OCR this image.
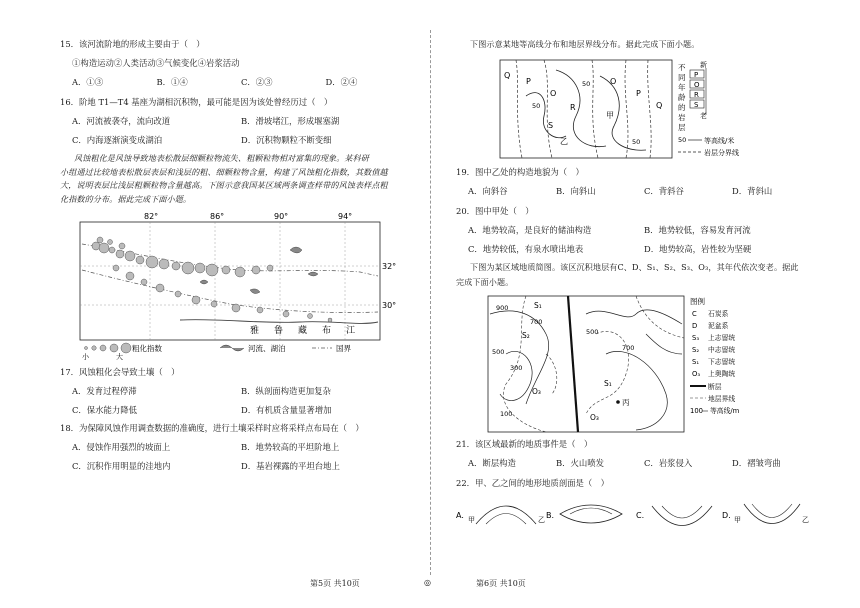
15．该河流阶地的形成主要由于（　）
①构造运动②人类活动③气候变化④岩浆活动
A．①③	B．①④	C．②③	D．②④
16．阶地 T1—T4 基座为湖相沉积物，最可能是因为该处曾经历过（　）
A．河流被袭夺，流向改道	B．滑坡堵江，形成堰塞湖
C．内海逐渐演变成湖泊	D．沉积物颗粒不断变细
风蚀粗化是风蚀导致地表松散层细颗粒物流失、粗颗粒物相对富集的现象。某科研
小组通过比较地表松散层表层和浅层的粗、细颗粒物含量，构建了风蚀粗化指数，其数值越
大，说明表层比浅层粗颗粒物含量越高。下图示意我国某区域两条调查样带的风蚀表样点粗
化指数的分布。据此完成下面小题。
82°	86°	90°	94°
32°
30°
雅 鲁 藏 布 江
粗化指数
小	大
河流、湖泊	国界
17．风蚀粗化会导致土壤（　）
A．发育过程停滞	B．纵剖面构造更加复杂
C．保水能力降低	D．有机质含量显著增加
18．为保障风蚀作用调查数据的准确度，进行土壤采样时应将采样点布局在（　）
A．侵蚀作用强烈的坡面上	B．地势较高的平坦阶地上
C．沉积作用明显的洼地内	D．基岩裸露的平坦台地上
下图示意某地等高线分布和地层界线分布。据此完成下面小题。
Q
P
O
R
S
甲
乙
O
P
Q
50
50
50
不
同
年
龄
的
岩
层
新
P
O
R
S
老
50	等高线/米
岩层分界线
19．图中乙处的构造地貌为（　）
A．向斜谷	B．向斜山	C．背斜谷	D．背斜山
20．图中甲处（　）
A．地势较高，是良好的储油构造	B．地势较低，容易发育河流
C．地势较低，有泉水喷出地表	D．地势较高，岩性较为坚硬
下图为某区域地质简图。该区沉积地层有C、D、S₁、S₂、S₃、O₃，其年代依次变老。据此
完成下面小题。
900
700
500
500
300
100
700
S₁
S₂
O₃
S₁
O₃
丙
图例
C 石炭系
D 泥盆系
S₃ 上志留统
S₂ 中志留统
S₁ 下志留统
O₃ 上奥陶统
断层
地层界线
100 等高线/m
21．该区域最新的地质事件是（　）
A．断层构造	B．火山喷发	C．岩浆侵入	D．褶皱弯曲
22．甲、乙之间的地形地质剖面是（　）
A. 甲	乙 B.	C.	D. 甲	乙
第5页 共10页	◎	第6页 共10页
